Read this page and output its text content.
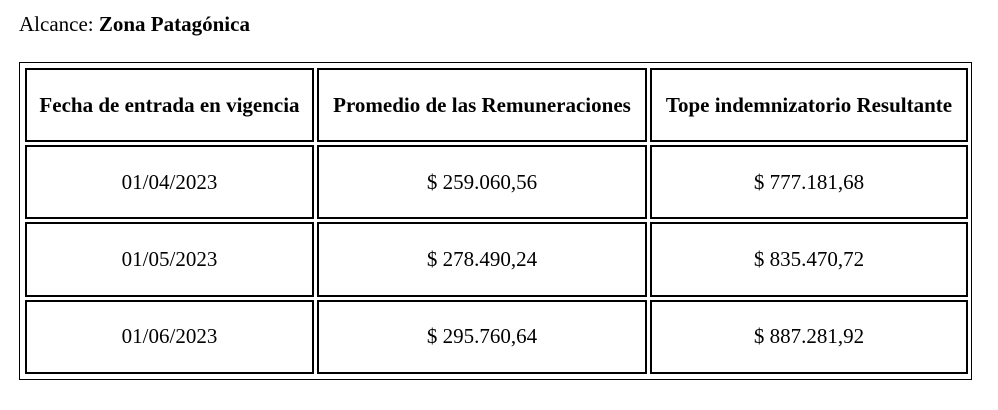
Alcance: Zona Patagónica
Fecha de entrada en vigencia	Promedio de las Remuneraciones	Tope indemnizatorio Resultante
01/04/2023	$ 259.060,56	$ 777.181,68
01/05/2023	$ 278.490,24	$ 835.470,72
01/06/2023	$ 295.760,64	$ 887.281,92
